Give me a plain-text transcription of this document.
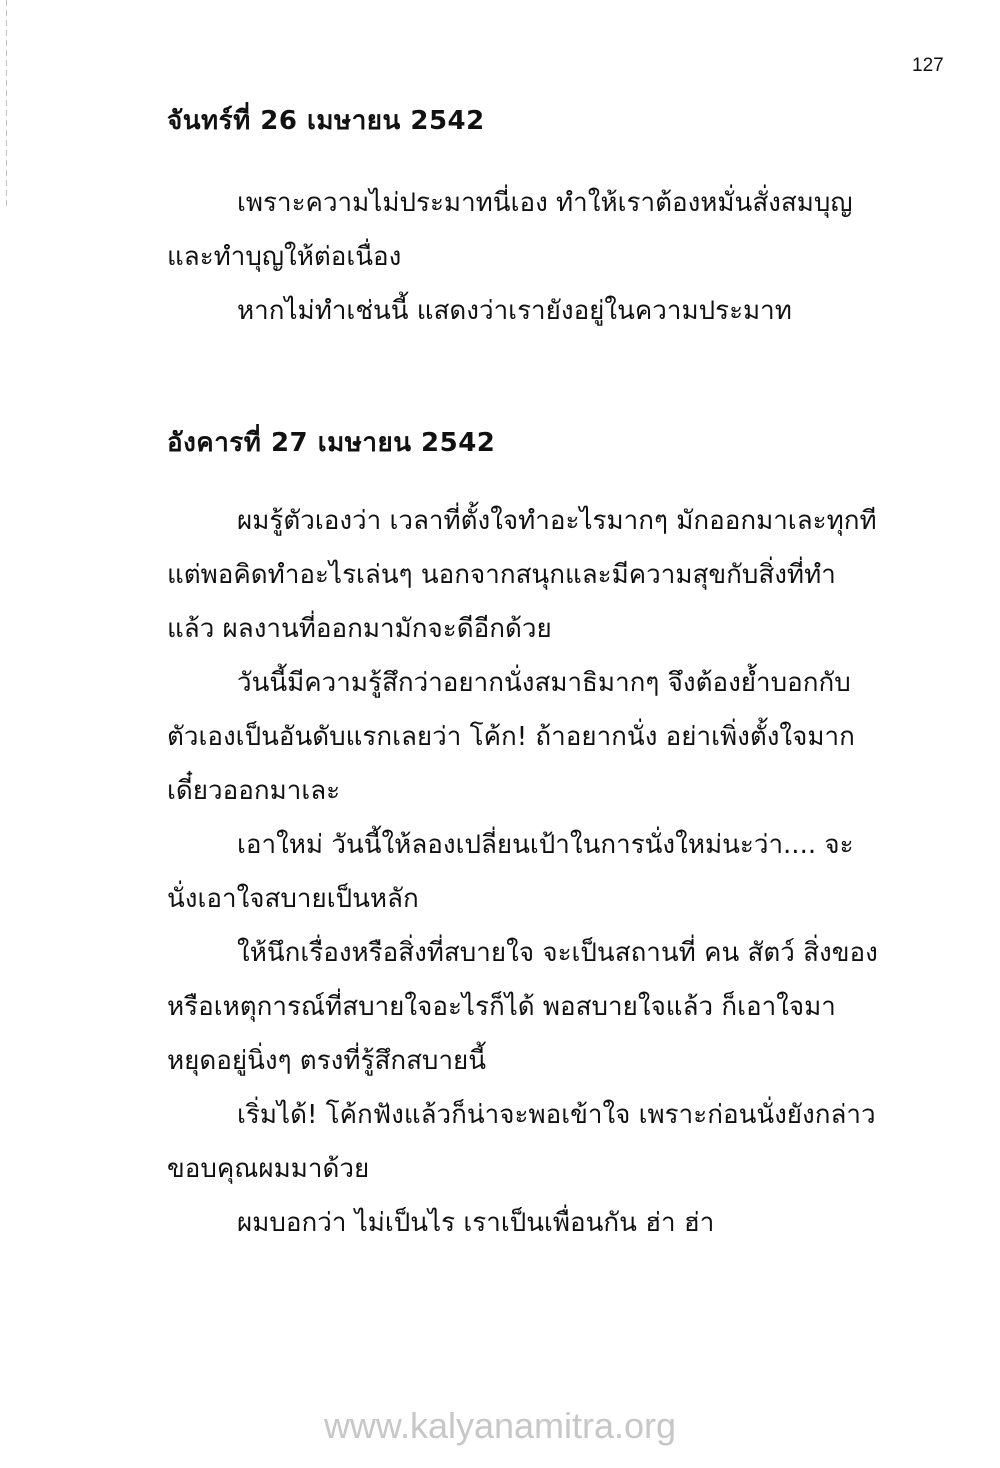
127
จันทร์ที่ 26 เมษายน 2542
เพราะความไม่ประมาทนี่เอง ทำให้เราต้องหมั่นสั่งสมบุญ
และทำบุญให้ต่อเนื่อง
หากไม่ทำเช่นนี้ แสดงว่าเรายังอยู่ในความประมาท
อังคารที่ 27 เมษายน 2542
ผมรู้ตัวเองว่า เวลาที่ตั้งใจทำอะไรมากๆ มักออกมาเละทุกที
แต่พอคิดทำอะไรเล่นๆ นอกจากสนุกและมีความสุขกับสิ่งที่ทำ
แล้ว ผลงานที่ออกมามักจะดีอีกด้วย
วันนี้มีความรู้สึกว่าอยากนั่งสมาธิมากๆ จึงต้องย้ำบอกกับ
ตัวเองเป็นอันดับแรกเลยว่า โค้ก! ถ้าอยากนั่ง อย่าเพิ่งตั้งใจมาก
เดี๋ยวออกมาเละ
เอาใหม่ วันนี้ให้ลองเปลี่ยนเป้าในการนั่งใหม่นะว่า.... จะ
นั่งเอาใจสบายเป็นหลัก
ให้นึกเรื่องหรือสิ่งที่สบายใจ จะเป็นสถานที่ คน สัตว์ สิ่งของ
หรือเหตุการณ์ที่สบายใจอะไรก็ได้ พอสบายใจแล้ว ก็เอาใจมา
หยุดอยู่นิ่งๆ ตรงที่รู้สึกสบายนี้
เริ่มได้! โค้กฟังแล้วก็น่าจะพอเข้าใจ เพราะก่อนนั่งยังกล่าว
ขอบคุณผมมาด้วย
ผมบอกว่า ไม่เป็นไร เราเป็นเพื่อนกัน ฮ่า ฮ่า
www.kalyanamitra.org
